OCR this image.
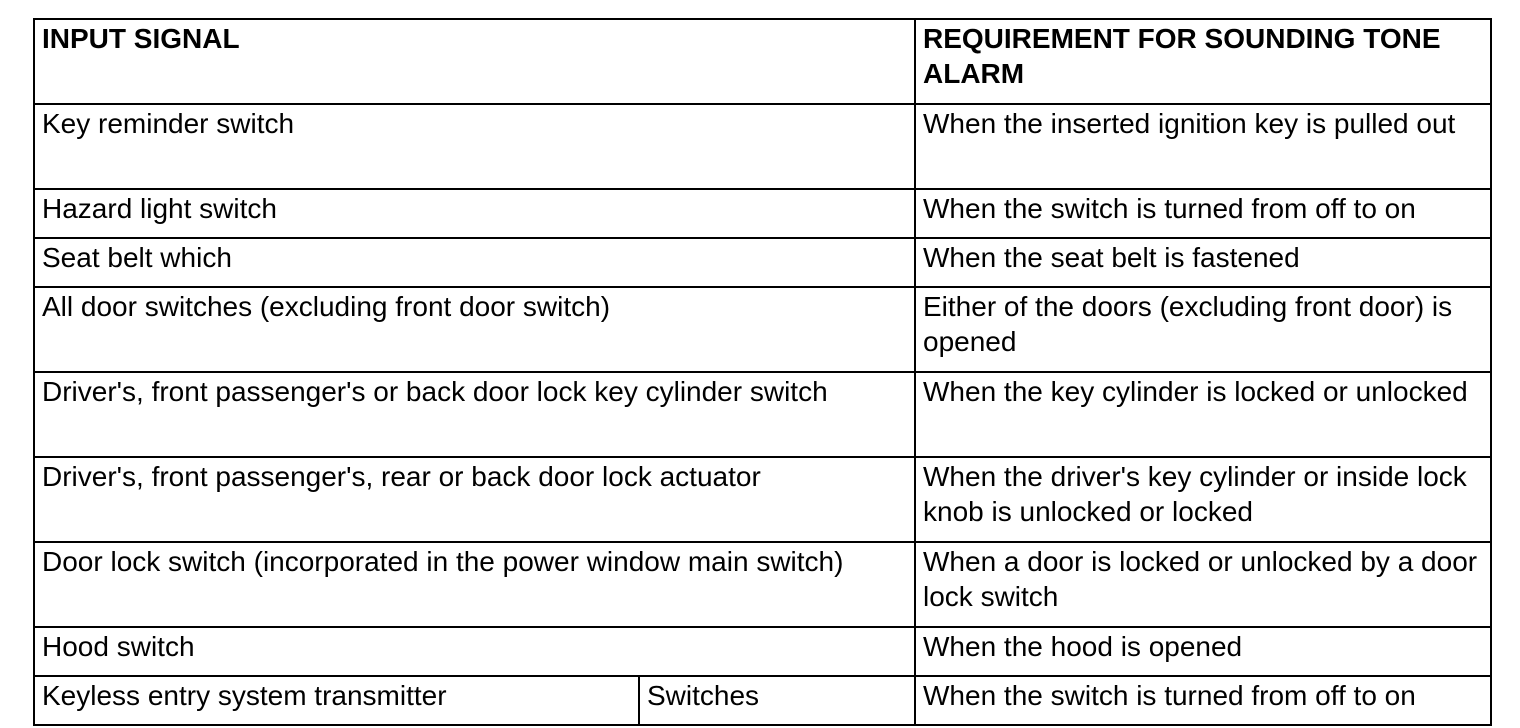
INPUT SIGNAL		REQUIREMENT FOR SOUNDING TONE ALARM
Key reminder switch		When the inserted ignition key is pulled out
Hazard light switch		When the switch is turned from off to on
Seat belt which		When the seat belt is fastened
All door switches (excluding front door switch)		Either of the doors (excluding front door) is opened
Driver's, front passenger's or back door lock key cylinder switch		When the key cylinder is locked or unlocked
Driver's, front passenger's, rear or back door lock actuator		When the driver's key cylinder or inside lock knob is unlocked or locked
Door lock switch (incorporated in the power window main switch)		When a door is locked or unlocked by a door lock switch
Hood switch		When the hood is opened
Keyless entry system transmitter	Switches	When the switch is turned from off to on
